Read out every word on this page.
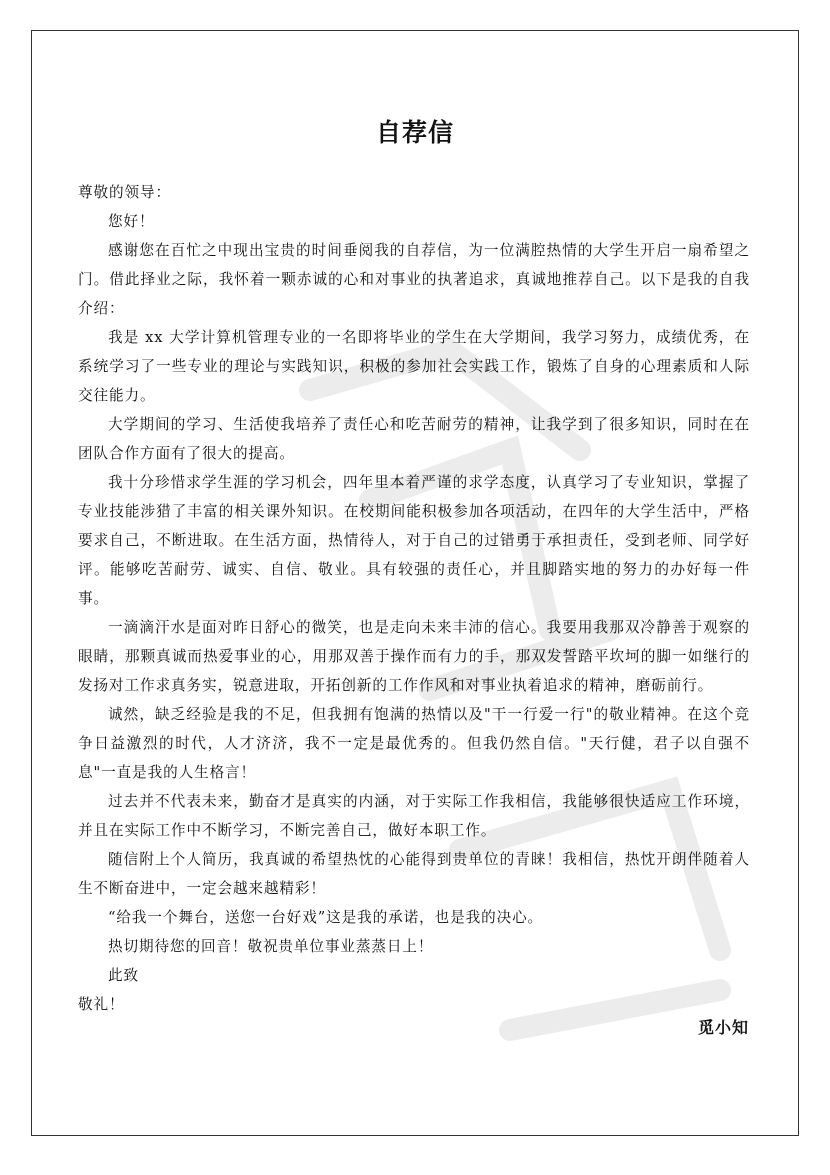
自荐信

尊敬的领导：

您好！

感谢您在百忙之中现出宝贵的时间垂阅我的自荐信，为一位满腔热情的大学生开启一扇希望之门。借此择业之际，我怀着一颗赤诚的心和对事业的执著追求，真诚地推荐自己。以下是我的自我介绍：

我是 xx 大学计算机管理专业的一名即将毕业的学生在大学期间，我学习努力，成绩优秀，在系统学习了一些专业的理论与实践知识，积极的参加社会实践工作，锻炼了自身的心理素质和人际交往能力。

大学期间的学习、生活使我培养了责任心和吃苦耐劳的精神，让我学到了很多知识，同时在在团队合作方面有了很大的提高。

我十分珍惜求学生涯的学习机会，四年里本着严谨的求学态度，认真学习了专业知识，掌握了专业技能涉猎了丰富的相关课外知识。在校期间能积极参加各项活动，在四年的大学生活中，严格要求自己，不断进取。在生活方面，热情待人，对于自己的过错勇于承担责任，受到老师、同学好评。能够吃苦耐劳、诚实、自信、敬业。具有较强的责任心，并且脚踏实地的努力的办好每一件事。

一滴滴汗水是面对昨日舒心的微笑，也是走向未来丰沛的信心。我要用我那双冷静善于观察的眼睛，那颗真诚而热爱事业的心，用那双善于操作而有力的手，那双发誓踏平坎坷的脚一如继行的发扬对工作求真务实，锐意进取，开拓创新的工作作风和对事业执着追求的精神，磨砺前行。

诚然，缺乏经验是我的不足，但我拥有饱满的热情以及"干一行爱一行"的敬业精神。在这个竞争日益激烈的时代，人才济济，我不一定是最优秀的。但我仍然自信。"天行健，君子以自强不息"一直是我的人生格言！

过去并不代表未来，勤奋才是真实的内涵，对于实际工作我相信，我能够很快适应工作环境，并且在实际工作中不断学习，不断完善自己，做好本职工作。

随信附上个人简历，我真诚的希望热忱的心能得到贵单位的青睐！我相信，热忱开朗伴随着人生不断奋进中，一定会越来越精彩！

“给我一个舞台，送您一台好戏”这是我的承诺，也是我的决心。

热切期待您的回音！敬祝贵单位事业蒸蒸日上！

此致

敬礼！

觅小知
